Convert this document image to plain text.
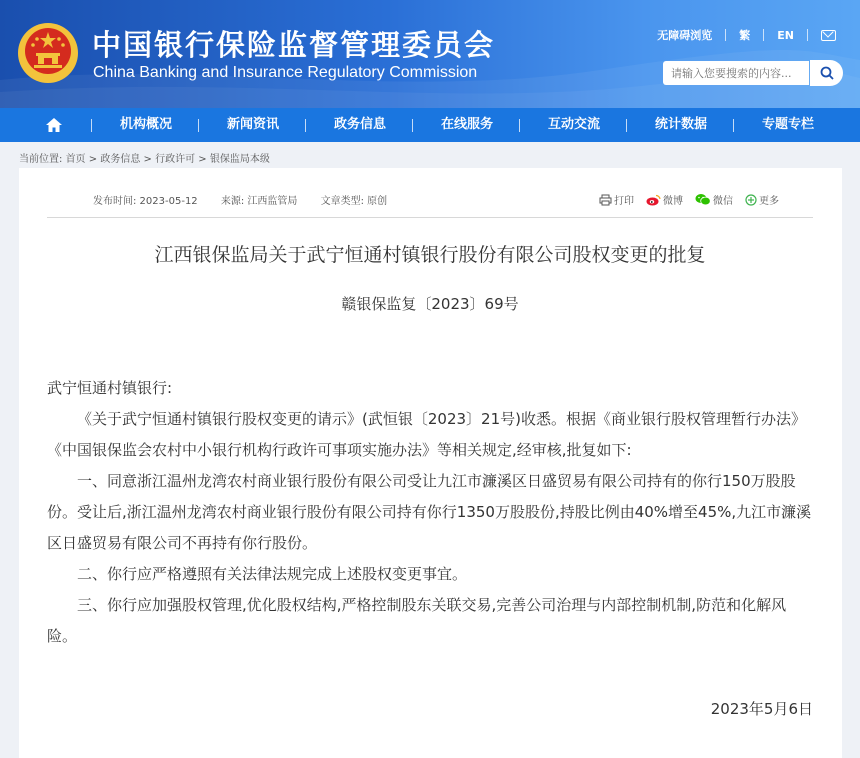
中国银行保险监督管理委员会
China Banking and Insurance Regulatory Commission
无障碍浏览 繁 EN
请输入您要搜索的内容...
机构概况	新闻资讯	政务信息	在线服务	互动交流	统计数据	专题专栏
当前位置: 首页 > 政务信息 > 行政许可 > 银保监局本级
发布时间: 2023-05-12 来源: 江西监管局 文章类型: 原创	打印	微博	微信	更多
江西银保监局关于武宁恒通村镇银行股份有限公司股权变更的批复
赣银保监复〔2023〕69号

武宁恒通村镇银行:

《关于武宁恒通村镇银行股权变更的请示》(武恒银〔2023〕21号)收悉。根据《商业银行股权管理暂行办法》《中国银保监会农村中小银行机构行政许可事项实施办法》等相关规定,经审核,批复如下:

一、同意浙江温州龙湾农村商业银行股份有限公司受让九江市濂溪区日盛贸易有限公司持有的你行150万股股份。受让后,浙江温州龙湾农村商业银行股份有限公司持有你行1350万股股份,持股比例由40%增至45%,九江市濂溪区日盛贸易有限公司不再持有你行股份。

二、你行应严格遵照有关法律法规完成上述股权变更事宜。

三、你行应加强股权管理,优化股权结构,严格控制股东关联交易,完善公司治理与内部控制机制,防范和化解风险。

2023年5月6日
